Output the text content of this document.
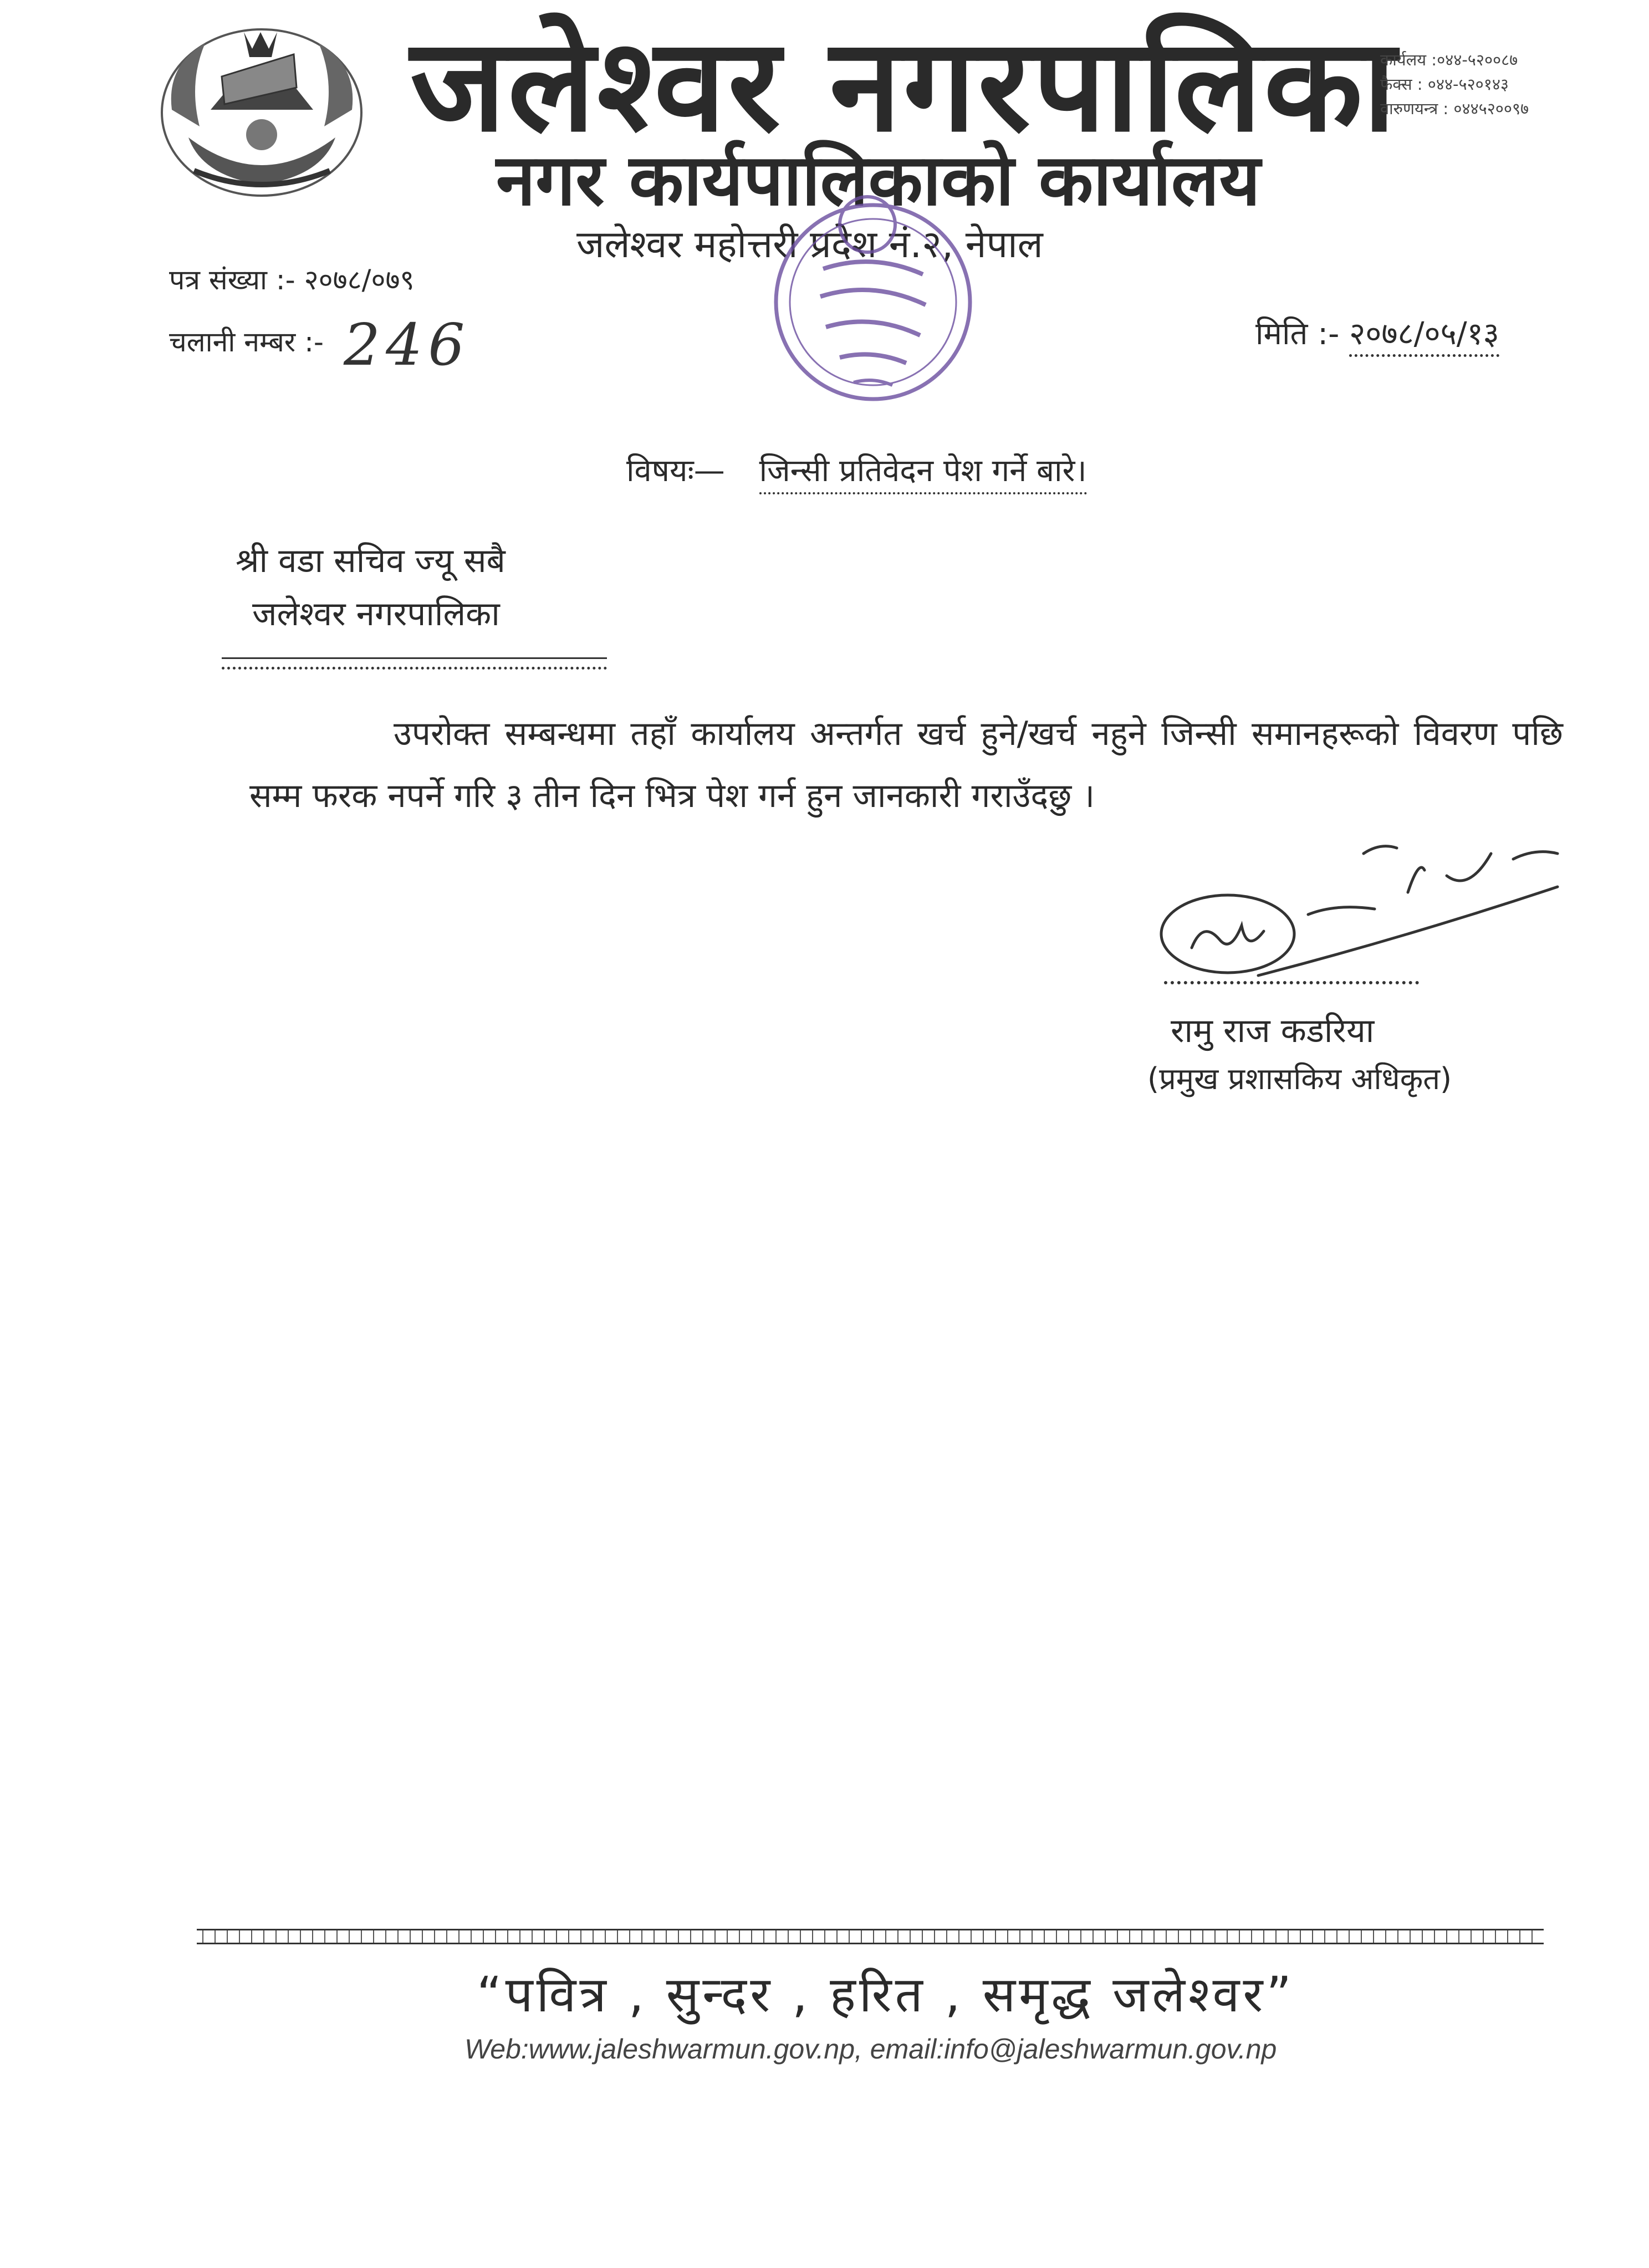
जलेश्वर नगरपालिका
नगर कार्यपालिकाको कार्यालय
जलेश्वर महोत्तरी प्रदेश नं.२, नेपाल
कार्यलय :०४४-५२००८७
फैक्स : ०४४-५२०१४३
वारुणयन्त्र : ०४४५२००९७
पत्र संख्या :- २०७८/०७९
चलानी नम्बर :- 246	मिति :- २०७८/०५/१३
विषयः— जिन्सी प्रतिवेदन पेश गर्ने बारे।
श्री वडा सचिव ज्यू सबै
जलेश्वर नगरपालिका
उपरोक्त सम्बन्धमा तहाँ कार्यालय अन्तर्गत खर्च हुने/खर्च नहुने जिन्सी समानहरूको विवरण पछि सम्म फरक नपर्ने गरि ३ तीन दिन भित्र पेश गर्न हुन जानकारी गराउँदछु ।
रामु राज कडरिया
(प्रमुख प्रशासकिय अधिकृत)
“पवित्र , सुन्दर , हरित , समृद्ध जलेश्वर”
Web:www.jaleshwarmun.gov.np, email:info@jaleshwarmun.gov.np
